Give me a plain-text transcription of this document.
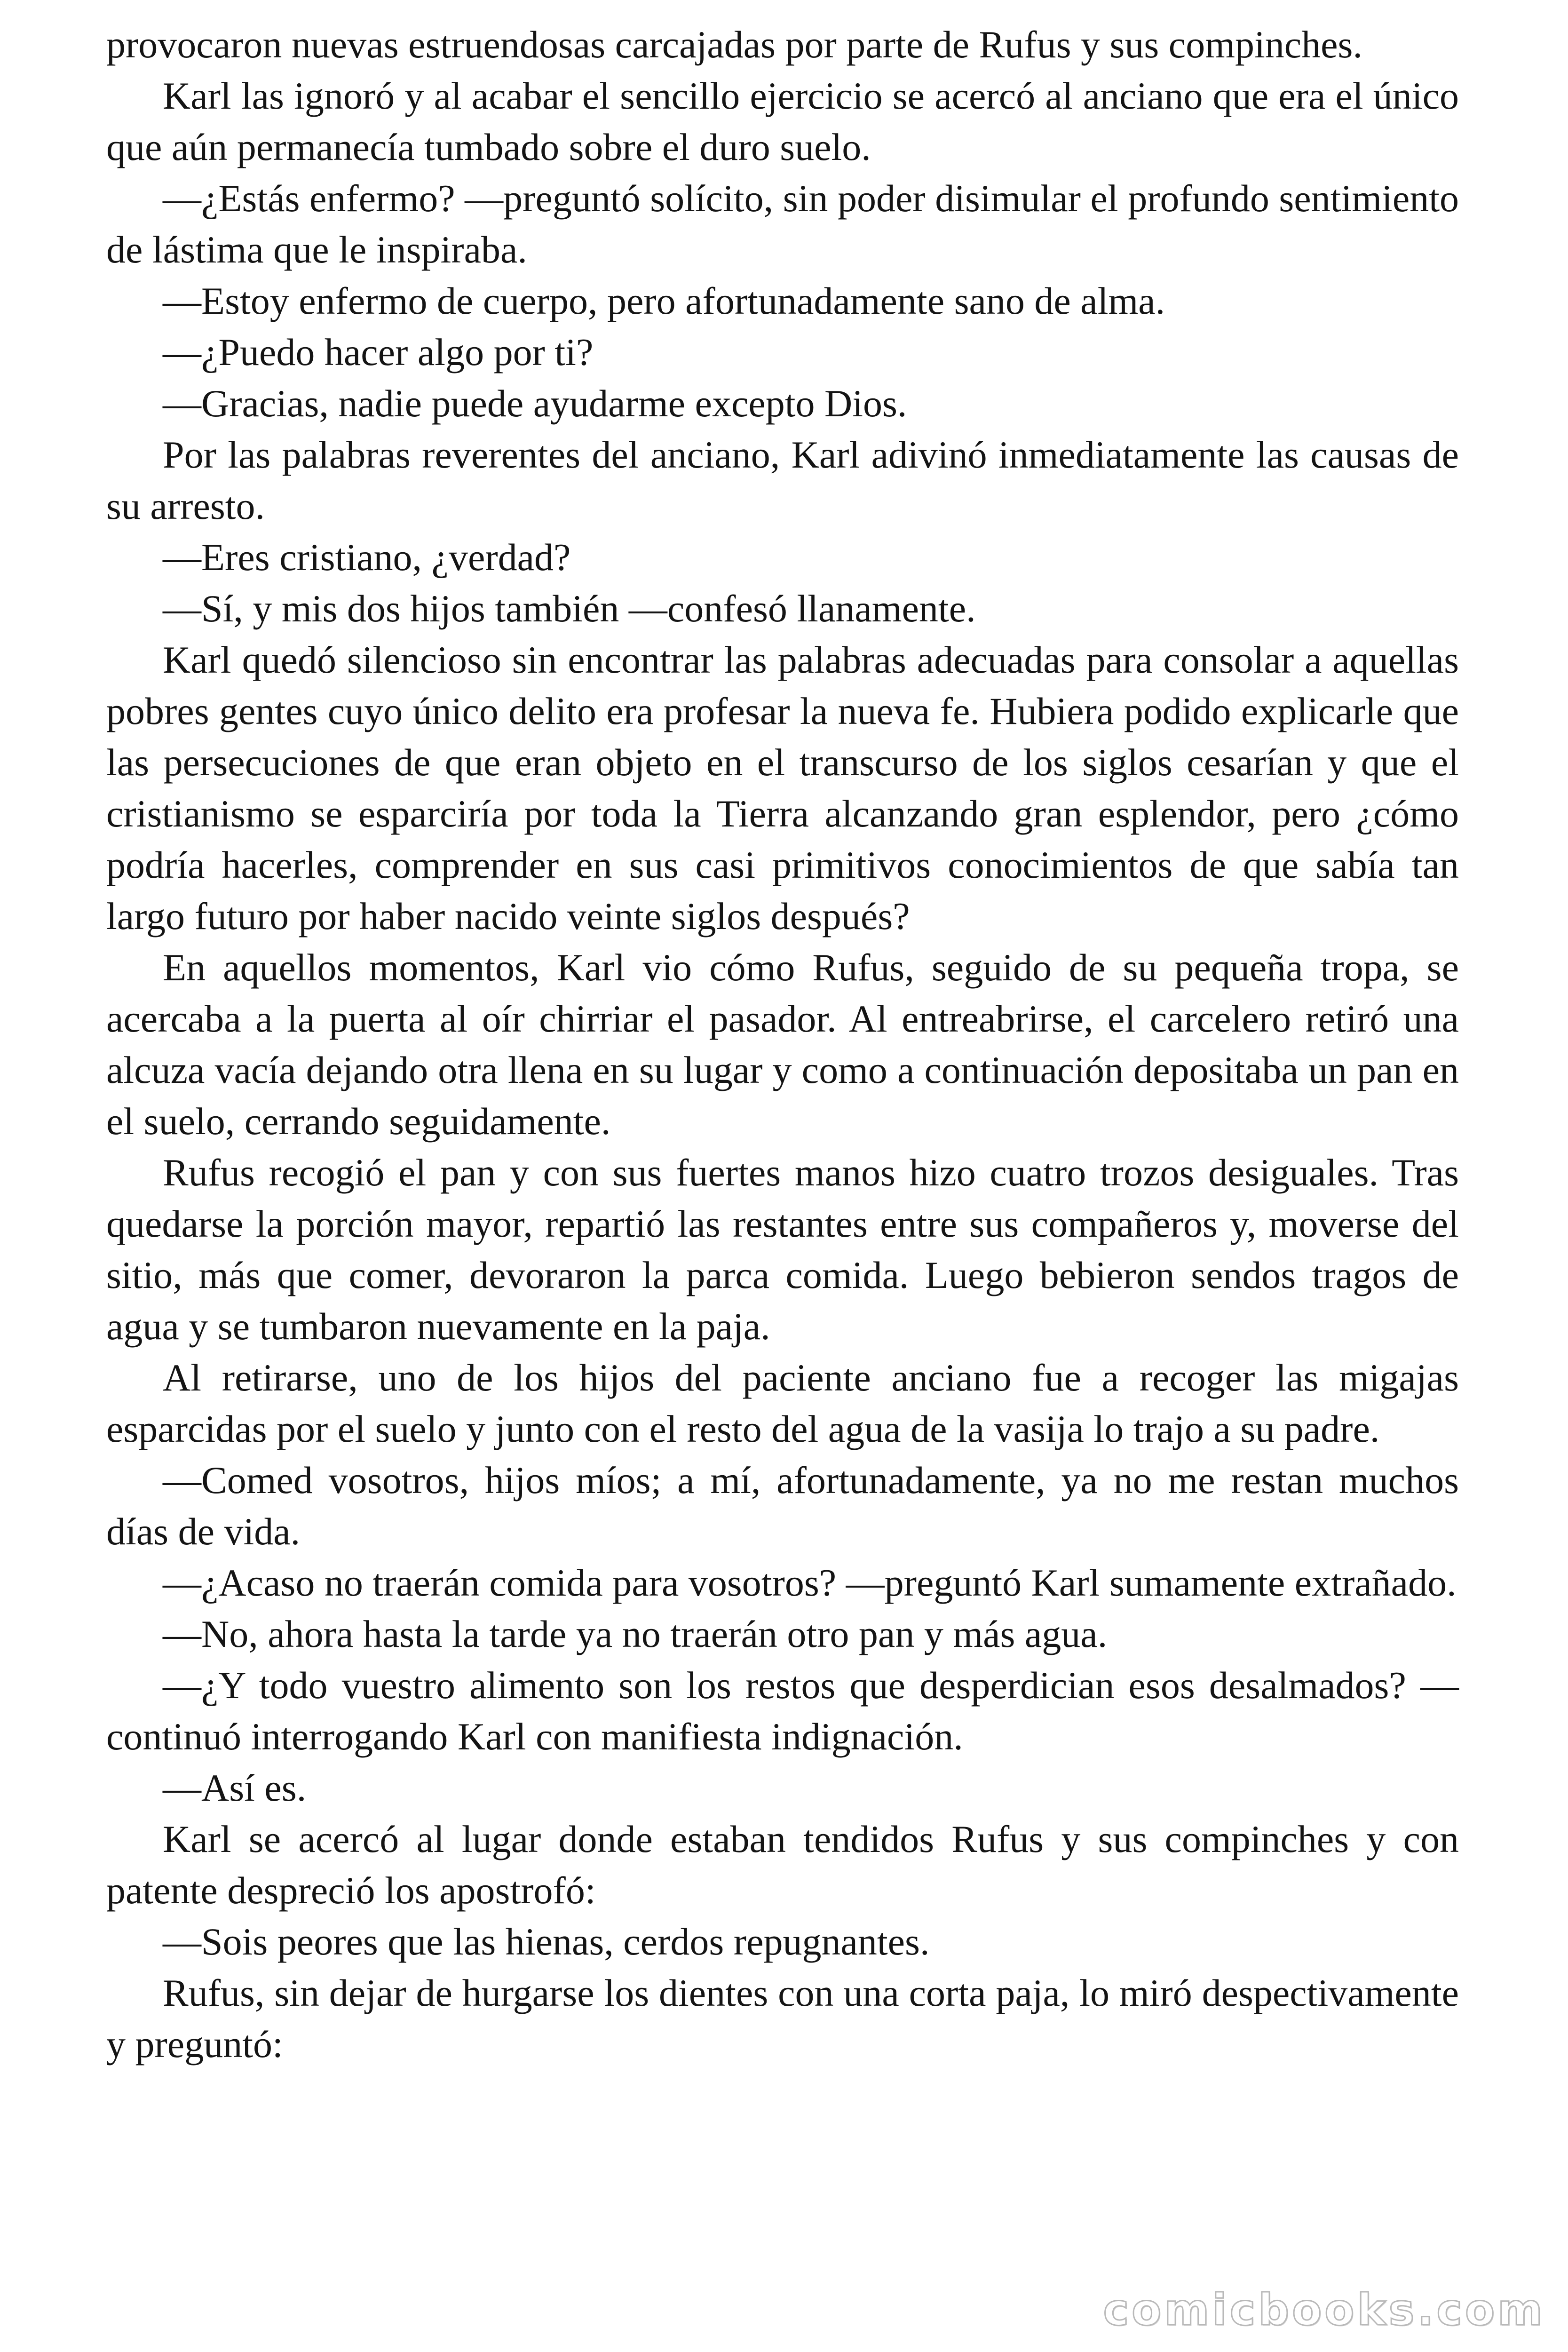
provocaron nuevas estruendosas carcajadas por parte de Rufus y sus compinches.

Karl las ignoró y al acabar el sencillo ejercicio se acercó al anciano que era el único que aún permanecía tumbado sobre el duro suelo.

—¿Estás enfermo? —preguntó solícito, sin poder disimular el profundo sentimiento de lástima que le inspiraba.

—Estoy enfermo de cuerpo, pero afortunadamente sano de alma.

—¿Puedo hacer algo por ti?

—Gracias, nadie puede ayudarme excepto Dios.

Por las palabras reverentes del anciano, Karl adivinó inmediatamente las causas de su arresto.

—Eres cristiano, ¿verdad?

—Sí, y mis dos hijos también —confesó llanamente.

Karl quedó silencioso sin encontrar las palabras adecuadas para consolar a aquellas pobres gentes cuyo único delito era profesar la nueva fe. Hubiera podido explicarle que las persecuciones de que eran objeto en el transcurso de los siglos cesarían y que el cristianismo se esparciría por toda la Tierra alcanzando gran esplendor, pero ¿cómo podría hacerles, comprender en sus casi primitivos conocimientos de que sabía tan largo futuro por haber nacido veinte siglos después?

En aquellos momentos, Karl vio cómo Rufus, seguido de su pequeña tropa, se acercaba a la puerta al oír chirriar el pasador. Al entreabrirse, el carcelero retiró una alcuza vacía dejando otra llena en su lugar y como a continuación depositaba un pan en el suelo, cerrando seguidamente.

Rufus recogió el pan y con sus fuertes manos hizo cuatro trozos desiguales. Tras quedarse la porción mayor, repartió las restantes entre sus compañeros y, moverse del sitio, más que comer, devoraron la parca comida. Luego bebieron sendos tragos de agua y se tumbaron nuevamente en la paja.

Al retirarse, uno de los hijos del paciente anciano fue a recoger las migajas esparcidas por el suelo y junto con el resto del agua de la vasija lo trajo a su padre.

—Comed vosotros, hijos míos; a mí, afortunadamente, ya no me restan muchos días de vida.

—¿Acaso no traerán comida para vosotros? —preguntó Karl sumamente extrañado.

—No, ahora hasta la tarde ya no traerán otro pan y más agua.

—¿Y todo vuestro alimento son los restos que desperdician esos desalmados? —continuó interrogando Karl con manifiesta indignación.

—Así es.

Karl se acercó al lugar donde estaban tendidos Rufus y sus compinches y con patente despreció los apostrofó:

—Sois peores que las hienas, cerdos repugnantes.

Rufus, sin dejar de hurgarse los dientes con una corta paja, lo miró despectivamente y preguntó:

comicbooks.com
